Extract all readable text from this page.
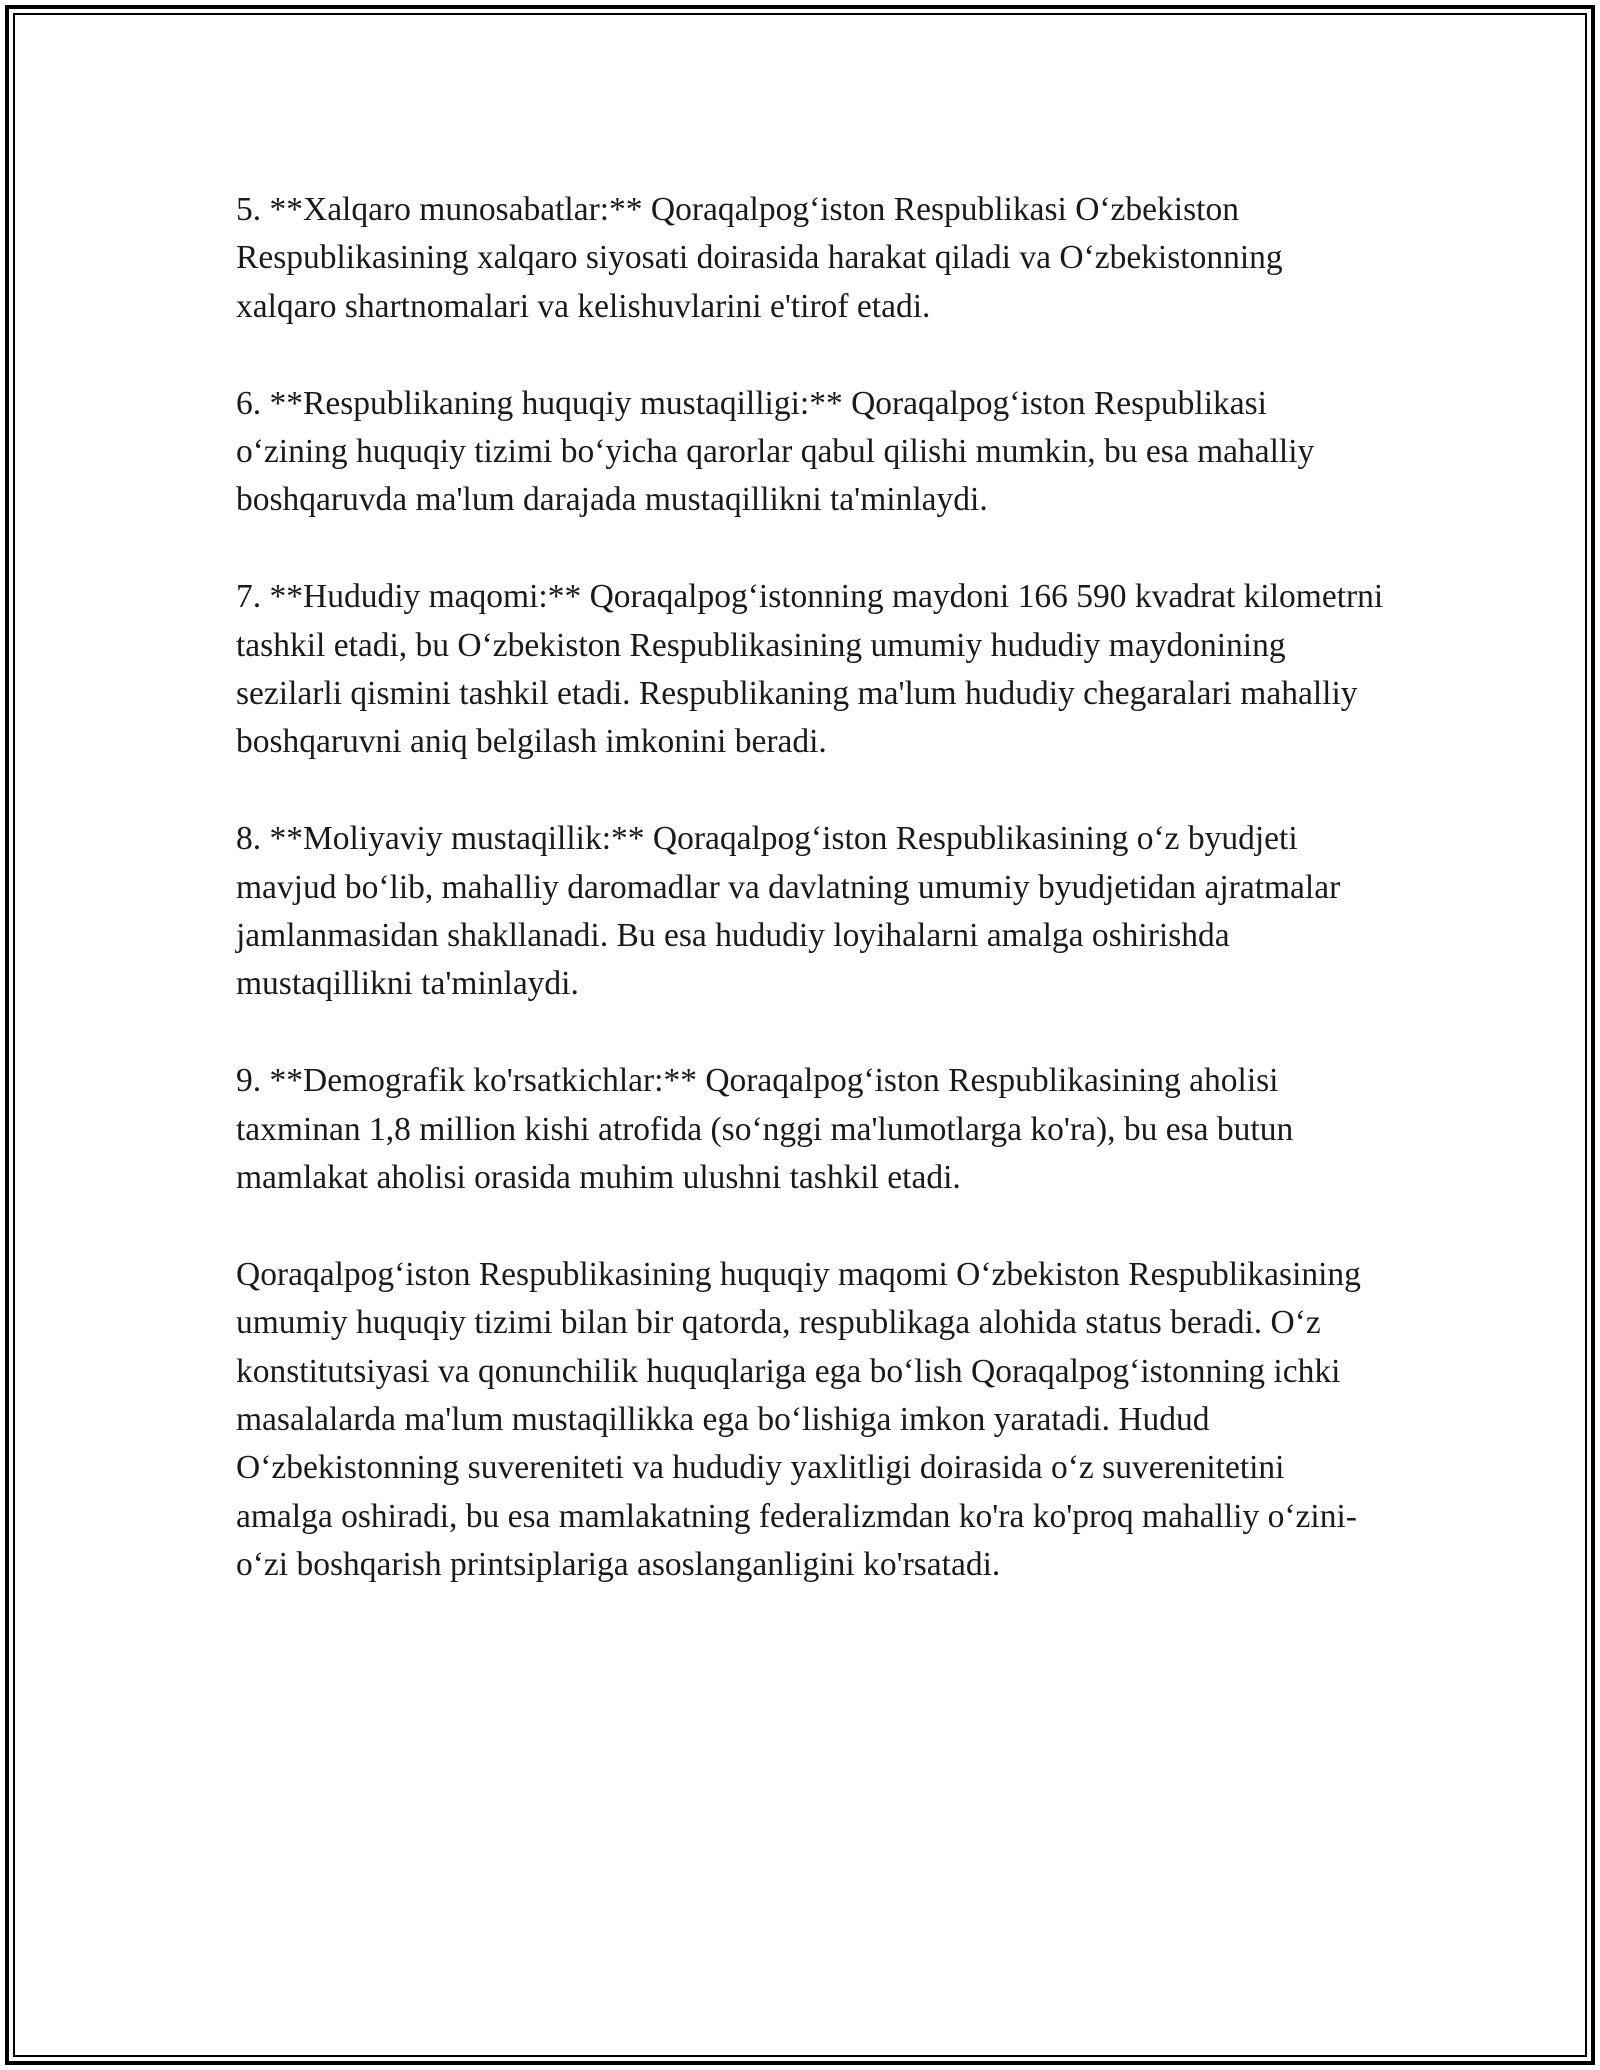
5. **Xalqaro munosabatlar:** Qoraqalpog‘iston Respublikasi O‘zbekiston Respublikasining xalqaro siyosati doirasida harakat qiladi va O‘zbekistonning xalqaro shartnomalari va kelishuvlarini e'tirof etadi.

6. **Respublikaning huquqiy mustaqilligi:** Qoraqalpog‘iston Respublikasi o‘zining huquqiy tizimi bo‘yicha qarorlar qabul qilishi mumkin, bu esa mahalliy boshqaruvda ma'lum darajada mustaqillikni ta'minlaydi.

7. **Hududiy maqomi:** Qoraqalpog‘istonning maydoni 166 590 kvadrat kilometrni tashkil etadi, bu O‘zbekiston Respublikasining umumiy hududiy maydonining sezilarli qismini tashkil etadi. Respublikaning ma'lum hududiy chegaralari mahalliy boshqaruvni aniq belgilash imkonini beradi.

8. **Moliyaviy mustaqillik:** Qoraqalpog‘iston Respublikasining o‘z byudjeti mavjud bo‘lib, mahalliy daromadlar va davlatning umumiy byudjetidan ajratmalar jamlanmasidan shakllanadi. Bu esa hududiy loyihalarni amalga oshirishda mustaqillikni ta'minlaydi.

9. **Demografik ko'rsatkichlar:** Qoraqalpog‘iston Respublikasining aholisi taxminan 1,8 million kishi atrofida (so‘nggi ma'lumotlarga ko'ra), bu esa butun mamlakat aholisi orasida muhim ulushni tashkil etadi.

Qoraqalpog‘iston Respublikasining huquqiy maqomi O‘zbekiston Respublikasining umumiy huquqiy tizimi bilan bir qatorda, respublikaga alohida status beradi. O‘z konstitutsiyasi va qonunchilik huquqlariga ega bo‘lish Qoraqalpog‘istonning ichki masalalarda ma'lum mustaqillikka ega bo‘lishiga imkon yaratadi. Hudud O‘zbekistonning suvereniteti va hududiy yaxlitligi doirasida o‘z suverenitetini amalga oshiradi, bu esa mamlakatning federalizmdan ko'ra ko'proq mahalliy o‘zini-o‘zi boshqarish printsiplariga asoslanganligini ko'rsatadi.
